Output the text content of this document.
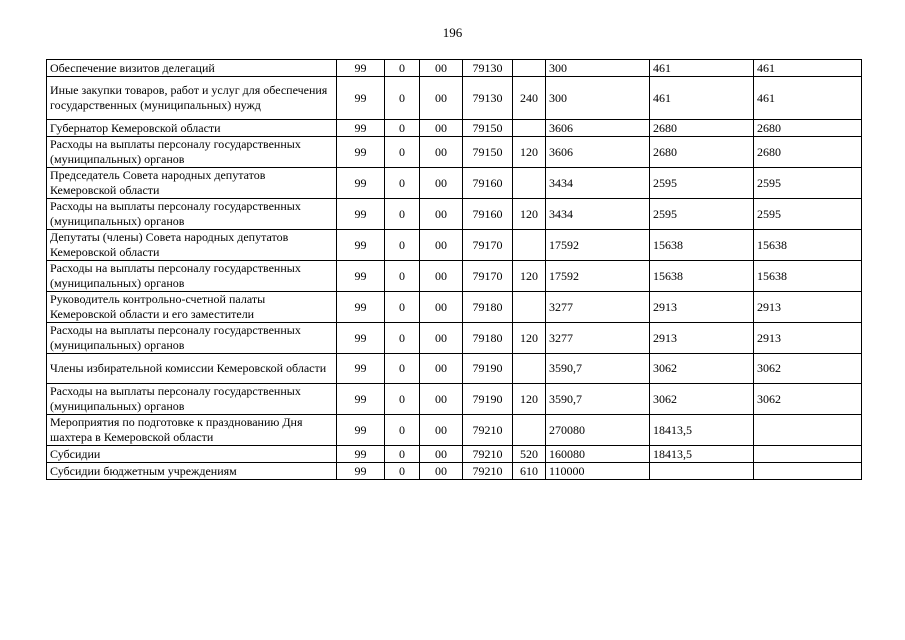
196
Обеспечение визитов делегаций	99	0	00	79130		300	461	461
Иные закупки товаров, работ и услуг для обеспечения государственных (муниципальных) нужд	99	0	00	79130	240	300	461	461
Губернатор Кемеровской области	99	0	00	79150		3606	2680	2680
Расходы на выплаты персоналу государственных (муниципальных) органов	99	0	00	79150	120	3606	2680	2680
Председатель Совета народных депутатов Кемеровской области	99	0	00	79160		3434	2595	2595
Расходы на выплаты персоналу государственных (муниципальных) органов	99	0	00	79160	120	3434	2595	2595
Депутаты (члены) Совета народных депутатов Кемеровской области	99	0	00	79170		17592	15638	15638
Расходы на выплаты персоналу государственных (муниципальных) органов	99	0	00	79170	120	17592	15638	15638
Руководитель контрольно-счетной палаты Кемеровской области и его заместители	99	0	00	79180		3277	2913	2913
Расходы на выплаты персоналу государственных (муниципальных) органов	99	0	00	79180	120	3277	2913	2913
Члены избирательной комиссии Кемеровской области	99	0	00	79190		3590,7	3062	3062
Расходы на выплаты персоналу государственных (муниципальных) органов	99	0	00	79190	120	3590,7	3062	3062
Мероприятия по подготовке к празднованию Дня шахтера в Кемеровской области	99	0	00	79210		270080	18413,5	
Субсидии	99	0	00	79210	520	160080	18413,5	
Субсидии бюджетным учреждениям	99	0	00	79210	610	110000		
